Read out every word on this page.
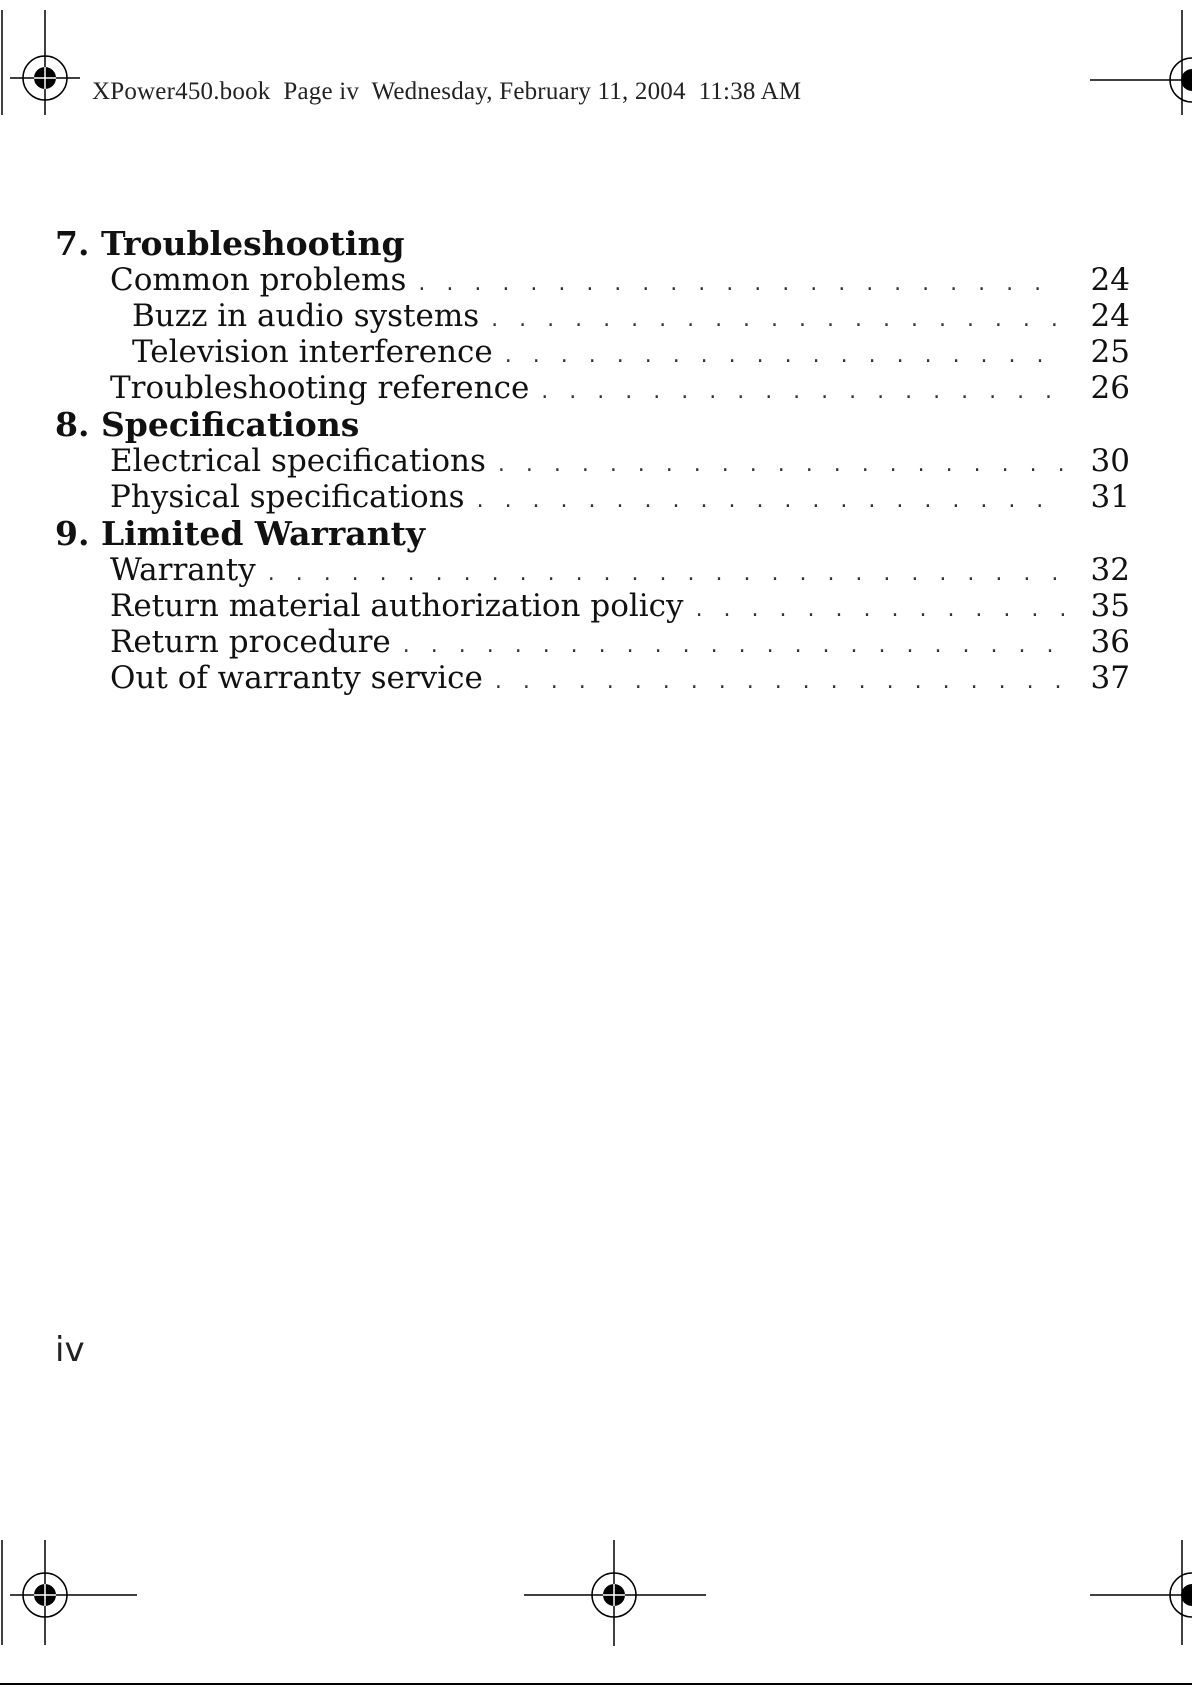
XPower450.book  Page iv  Wednesday, February 11, 2004  11:38 AM
7. Troubleshooting
Common problems . . .	24
Buzz in audio systems . . .	24
Television interference . . .	25
Troubleshooting reference . . .	26
8. Specifications
Electrical specifications . . .	30
Physical specifications . . .	31
9. Limited Warranty
Warranty . . .	32
Return material authorization policy . . .	35
Return procedure . . .	36
Out of warranty service . . .	37
iv
